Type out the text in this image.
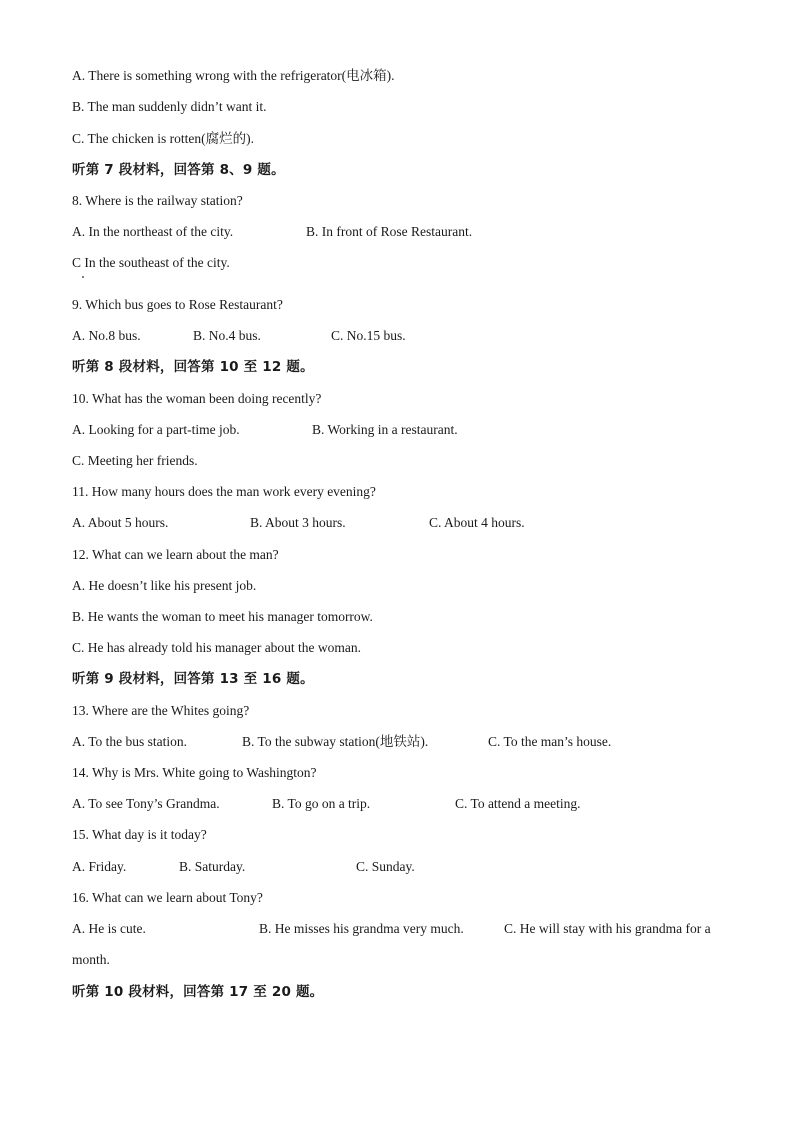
A. There is something wrong with the refrigerator(电冰箱).
B. The man suddenly didn’t want it.
C. The chicken is rotten(腐烂的).
听第 7 段材料，回答第 8、9 题。
8. Where is the railway station?
A. In the northeast of the city.	B. In front of Rose Restaurant.
C In the southeast of the city.
9. Which bus goes to Rose Restaurant?
A. No.8 bus.	B. No.4 bus.	C. No.15 bus.
听第 8 段材料，回答第 10 至 12 题。
10. What has the woman been doing recently?
A. Looking for a part-time job.	B. Working in a restaurant.
C. Meeting her friends.
11. How many hours does the man work every evening?
A. About 5 hours.	B. About 3 hours.	C. About 4 hours.
12. What can we learn about the man?
A. He doesn’t like his present job.
B. He wants the woman to meet his manager tomorrow.
C. He has already told his manager about the woman.
听第 9 段材料，回答第 13 至 16 题。
13. Where are the Whites going?
A. To the bus station.	B. To the subway station(地铁站).	C. To the man’s house.
14. Why is Mrs. White going to Washington?
A. To see Tony’s Grandma.	B. To go on a trip.	C. To attend a meeting.
15. What day is it today?
A. Friday.	B. Saturday.	C. Sunday.
16. What can we learn about Tony?
A. He is cute.	B. He misses his grandma very much.	C. He will stay with his grandma for a
month.
听第 10 段材料，回答第 17 至 20 题。
